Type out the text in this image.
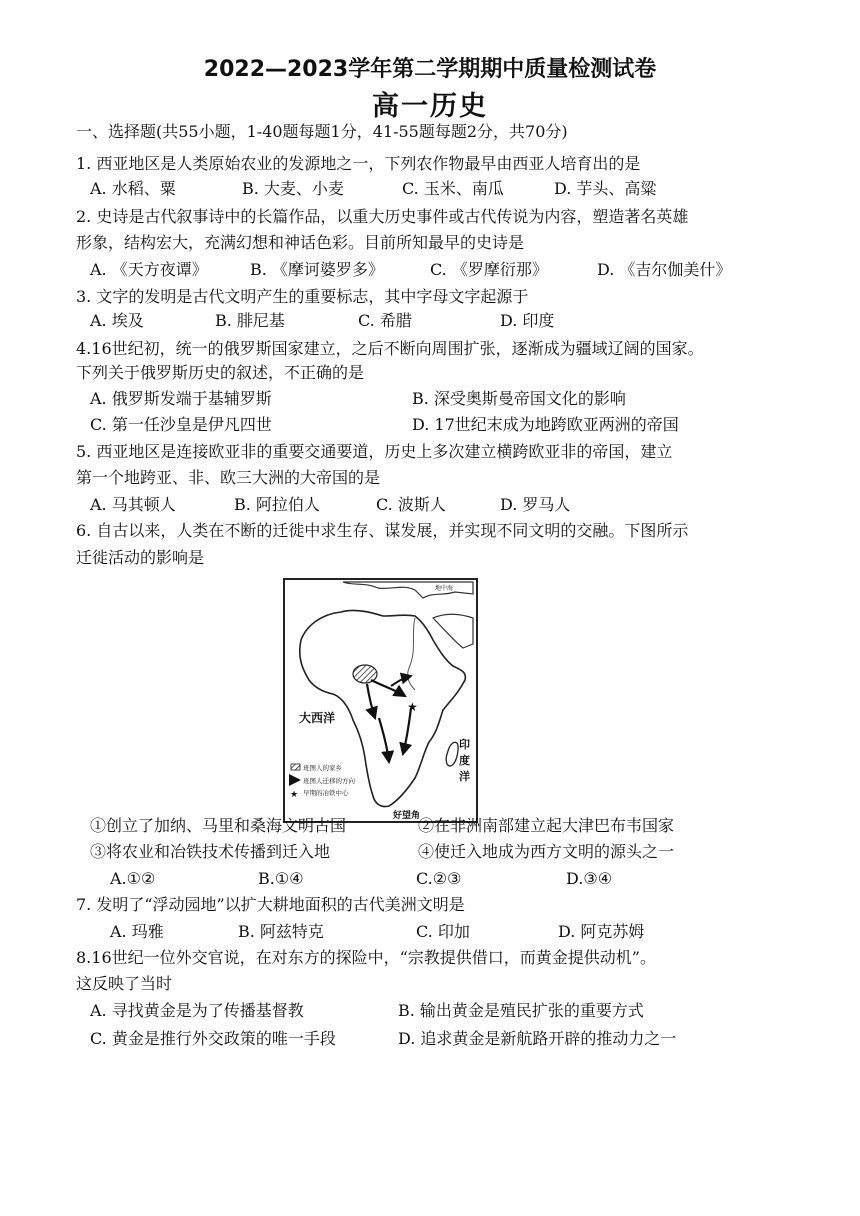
2022—2023学年第二学期期中质量检测试卷
高一历史
一、选择题(共55小题，1-40题每题1分，41-55题每题2分，共70分)
1. 西亚地区是人类原始农业的发源地之一，下列农作物最早由西亚人培育出的是
A. 水稻、粟	B. 大麦、小麦	C. 玉米、南瓜	D. 芋头、高粱
2. 史诗是古代叙事诗中的长篇作品，以重大历史事件或古代传说为内容，塑造著名英雄
形象，结构宏大，充满幻想和神话色彩。目前所知最早的史诗是
A. 《天方夜谭》	B. 《摩诃婆罗多》	C. 《罗摩衍那》	D. 《吉尔伽美什》
3. 文字的发明是古代文明产生的重要标志，其中字母文字起源于
A. 埃及	B. 腓尼基	C. 希腊	D. 印度
4.16世纪初，统一的俄罗斯国家建立，之后不断向周围扩张，逐渐成为疆域辽阔的国家。
下列关于俄罗斯历史的叙述，不正确的是
A. 俄罗斯发端于基辅罗斯	B. 深受奥斯曼帝国文化的影响
C. 第一任沙皇是伊凡四世	D. 17世纪末成为地跨欧亚两洲的帝国
5. 西亚地区是连接欧亚非的重要交通要道，历史上多次建立横跨欧亚非的帝国，建立
第一个地跨亚、非、欧三大洲的大帝国的是
A. 马其顿人	B. 阿拉伯人	C. 波斯人	D. 罗马人
6. 自古以来，人类在不断的迁徙中求生存、谋发展，并实现不同文明的交融。下图所示
迁徙活动的影响是
★
地中海
大西洋
印
度
洋
好望角
班图人的家乡
班图人迁移的方向
★ 早期的冶铁中心
①创立了加纳、马里和桑海文明古国	②在非洲南部建立起大津巴布韦国家
③将农业和冶铁技术传播到迁入地	④使迁入地成为西方文明的源头之一
A.①②	B.①④	C.②③	D.③④
7. 发明了“浮动园地”以扩大耕地面积的古代美洲文明是
A. 玛雅	B. 阿兹特克	C. 印加	D. 阿克苏姆
8.16世纪一位外交官说，在对东方的探险中，“宗教提供借口，而黄金提供动机”。
这反映了当时
A. 寻找黄金是为了传播基督教	B. 输出黄金是殖民扩张的重要方式
C. 黄金是推行外交政策的唯一手段	D. 追求黄金是新航路开辟的推动力之一
